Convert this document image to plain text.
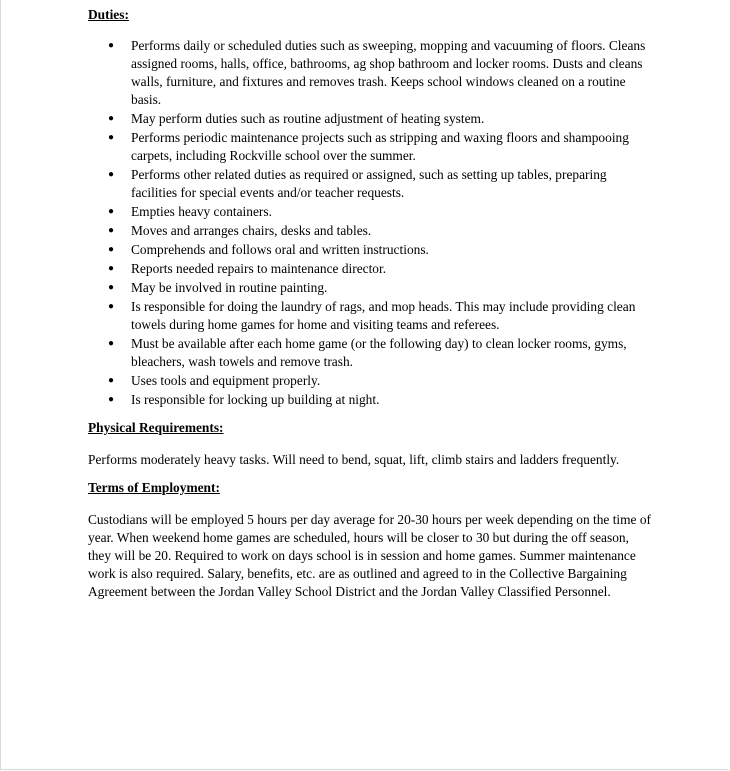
Duties:
● Performs daily or scheduled duties such as sweeping, mopping and vacuuming of floors. Cleans assigned rooms, halls, office, bathrooms, ag shop bathroom and locker rooms. Dusts and cleans walls, furniture, and fixtures and removes trash. Keeps school windows cleaned on a routine basis.
● May perform duties such as routine adjustment of heating system.
● Performs periodic maintenance projects such as stripping and waxing floors and shampooing carpets, including Rockville school over the summer.
● Performs other related duties as required or assigned, such as setting up tables, preparing facilities for special events and/or teacher requests.
● Empties heavy containers.
● Moves and arranges chairs, desks and tables.
● Comprehends and follows oral and written instructions.
● Reports needed repairs to maintenance director.
● May be involved in routine painting.
● Is responsible for doing the laundry of rags, and mop heads. This may include providing clean towels during home games for home and visiting teams and referees.
● Must be available after each home game (or the following day) to clean locker rooms, gyms, bleachers, wash towels and remove trash.
● Uses tools and equipment properly.
● Is responsible for locking up building at night.
Physical Requirements:

Performs moderately heavy tasks. Will need to bend, squat, lift, climb stairs and ladders frequently.

Terms of Employment:

Custodians will be employed 5 hours per day average for 20-30 hours per week depending on the time of year. When weekend home games are scheduled, hours will be closer to 30 but during the off season, they will be 20. Required to work on days school is in session and home games. Summer maintenance work is also required. Salary, benefits, etc. are as outlined and agreed to in the Collective Bargaining Agreement between the Jordan Valley School District and the Jordan Valley Classified Personnel.
